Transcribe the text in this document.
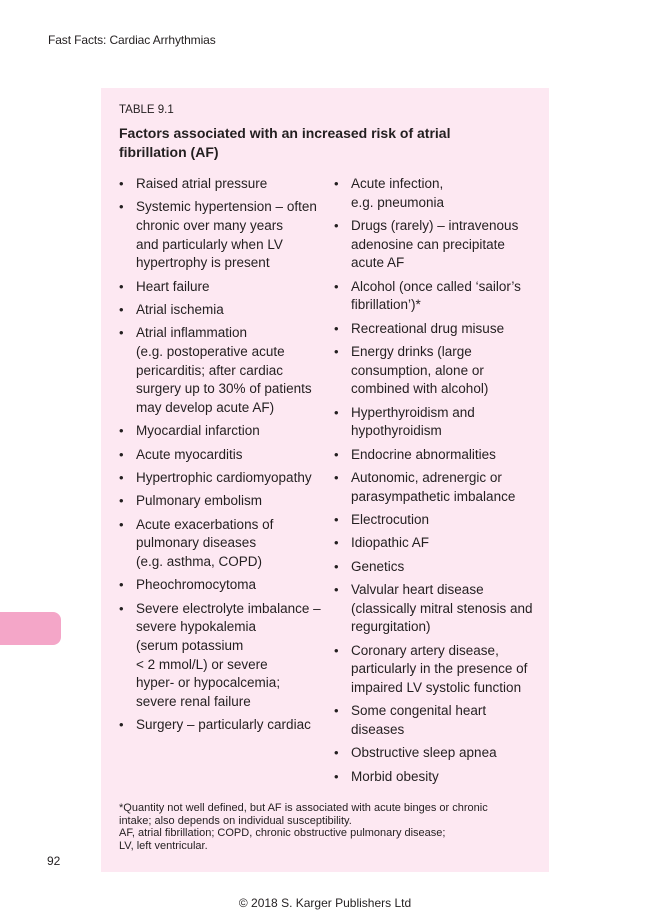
Fast Facts: Cardiac Arrhythmias
TABLE 9.1
Factors associated with an increased risk of atrial fibrillation (AF)
• Raised atrial pressure
• Systemic hypertension – often
chronic over many years
and particularly when LV
hypertrophy is present
• Heart failure
• Atrial ischemia
• Atrial inflammation
(e.g. postoperative acute
pericarditis; after cardiac
surgery up to 30% of patients
may develop acute AF)
• Myocardial infarction
• Acute myocarditis
• Hypertrophic cardiomyopathy
• Pulmonary embolism
• Acute exacerbations of
pulmonary diseases
(e.g. asthma, COPD)
• Pheochromocytoma
• Severe electrolyte imbalance –
severe hypokalemia
(serum potassium
< 2 mmol/L) or severe
hyper- or hypocalcemia;
severe renal failure
• Surgery – particularly cardiac
• Acute infection,
e.g. pneumonia
• Drugs (rarely) – intravenous
adenosine can precipitate
acute AF
• Alcohol (once called ‘sailor’s
fibrillation’)*
• Recreational drug misuse
• Energy drinks (large
consumption, alone or
combined with alcohol)
• Hyperthyroidism and
hypothyroidism
• Endocrine abnormalities
• Autonomic, adrenergic or
parasympathetic imbalance
• Electrocution
• Idiopathic AF
• Genetics
• Valvular heart disease
(classically mitral stenosis and
regurgitation)
• Coronary artery disease,
particularly in the presence of
impaired LV systolic function
• Some congenital heart
diseases
• Obstructive sleep apnea
• Morbid obesity
*Quantity not well defined, but AF is associated with acute binges or chronic
intake; also depends on individual susceptibility.
AF, atrial fibrillation; COPD, chronic obstructive pulmonary disease;
LV, left ventricular.
92
© 2018 S. Karger Publishers Ltd
